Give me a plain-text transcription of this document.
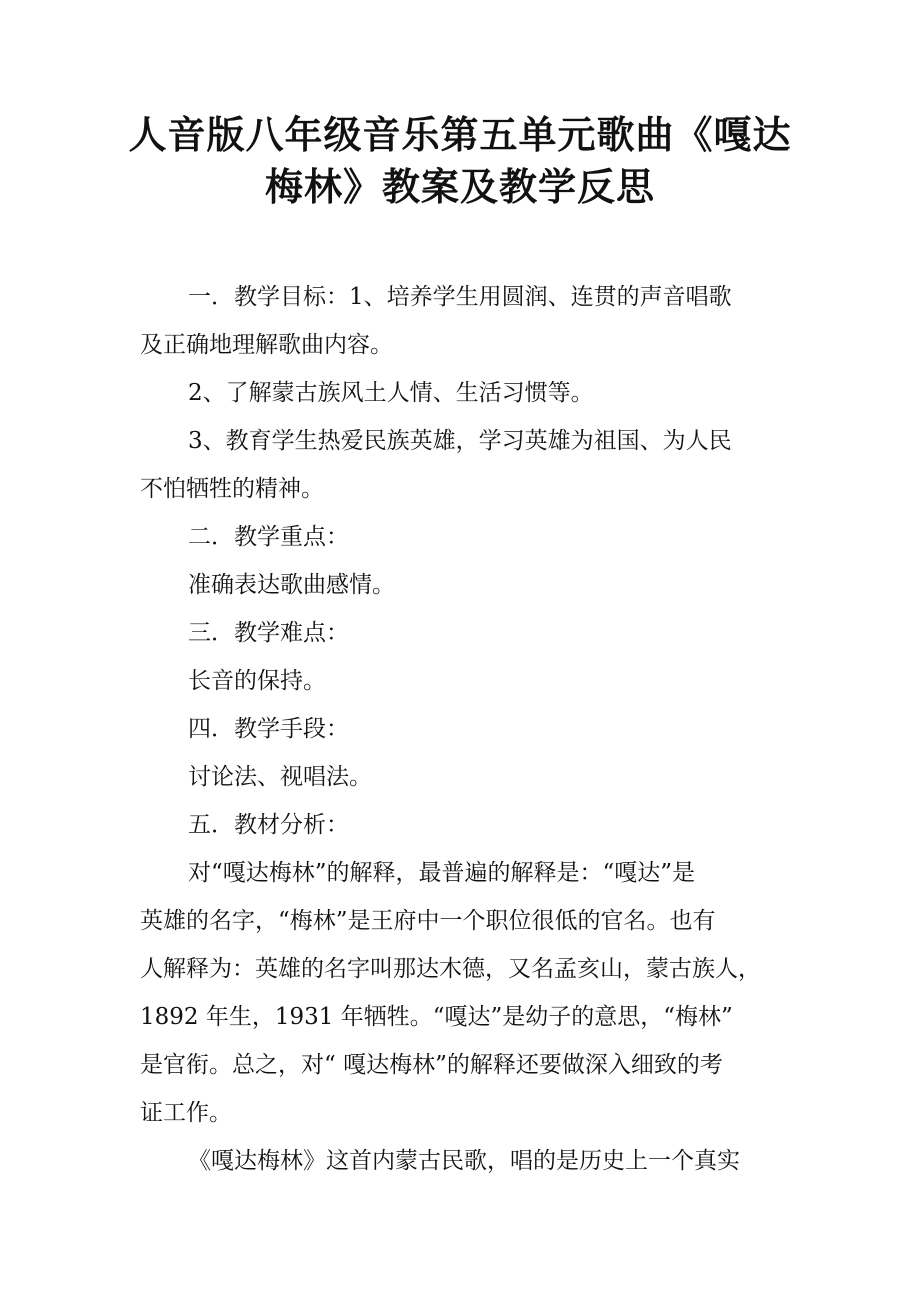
人音版八年级音乐第五单元歌曲《嘎达
梅林》教案及教学反思

一．教学目标：1、培养学生用圆润、连贯的声音唱歌

及正确地理解歌曲内容。

2、了解蒙古族风土人情、生活习惯等。

3、教育学生热爱民族英雄，学习英雄为祖国、为人民

不怕牺牲的精神。

二．教学重点：

准确表达歌曲感情。

三．教学难点：

长音的保持。

四．教学手段：

讨论法、视唱法。

五．教材分析：

对“嘎达梅林”的解释，最普遍的解释是：“嘎达”是

英雄的名字，“梅林”是王府中一个职位很低的官名。也有

人解释为：英雄的名字叫那达木德，又名孟亥山，蒙古族人，

1892 年生，1931 年牺牲。“嘎达”是幼子的意思，“梅林”

是官衔。总之，对“ 嘎达梅林”的解释还要做深入细致的考

证工作。

《嘎达梅林》这首内蒙古民歌，唱的是历史上一个真实
